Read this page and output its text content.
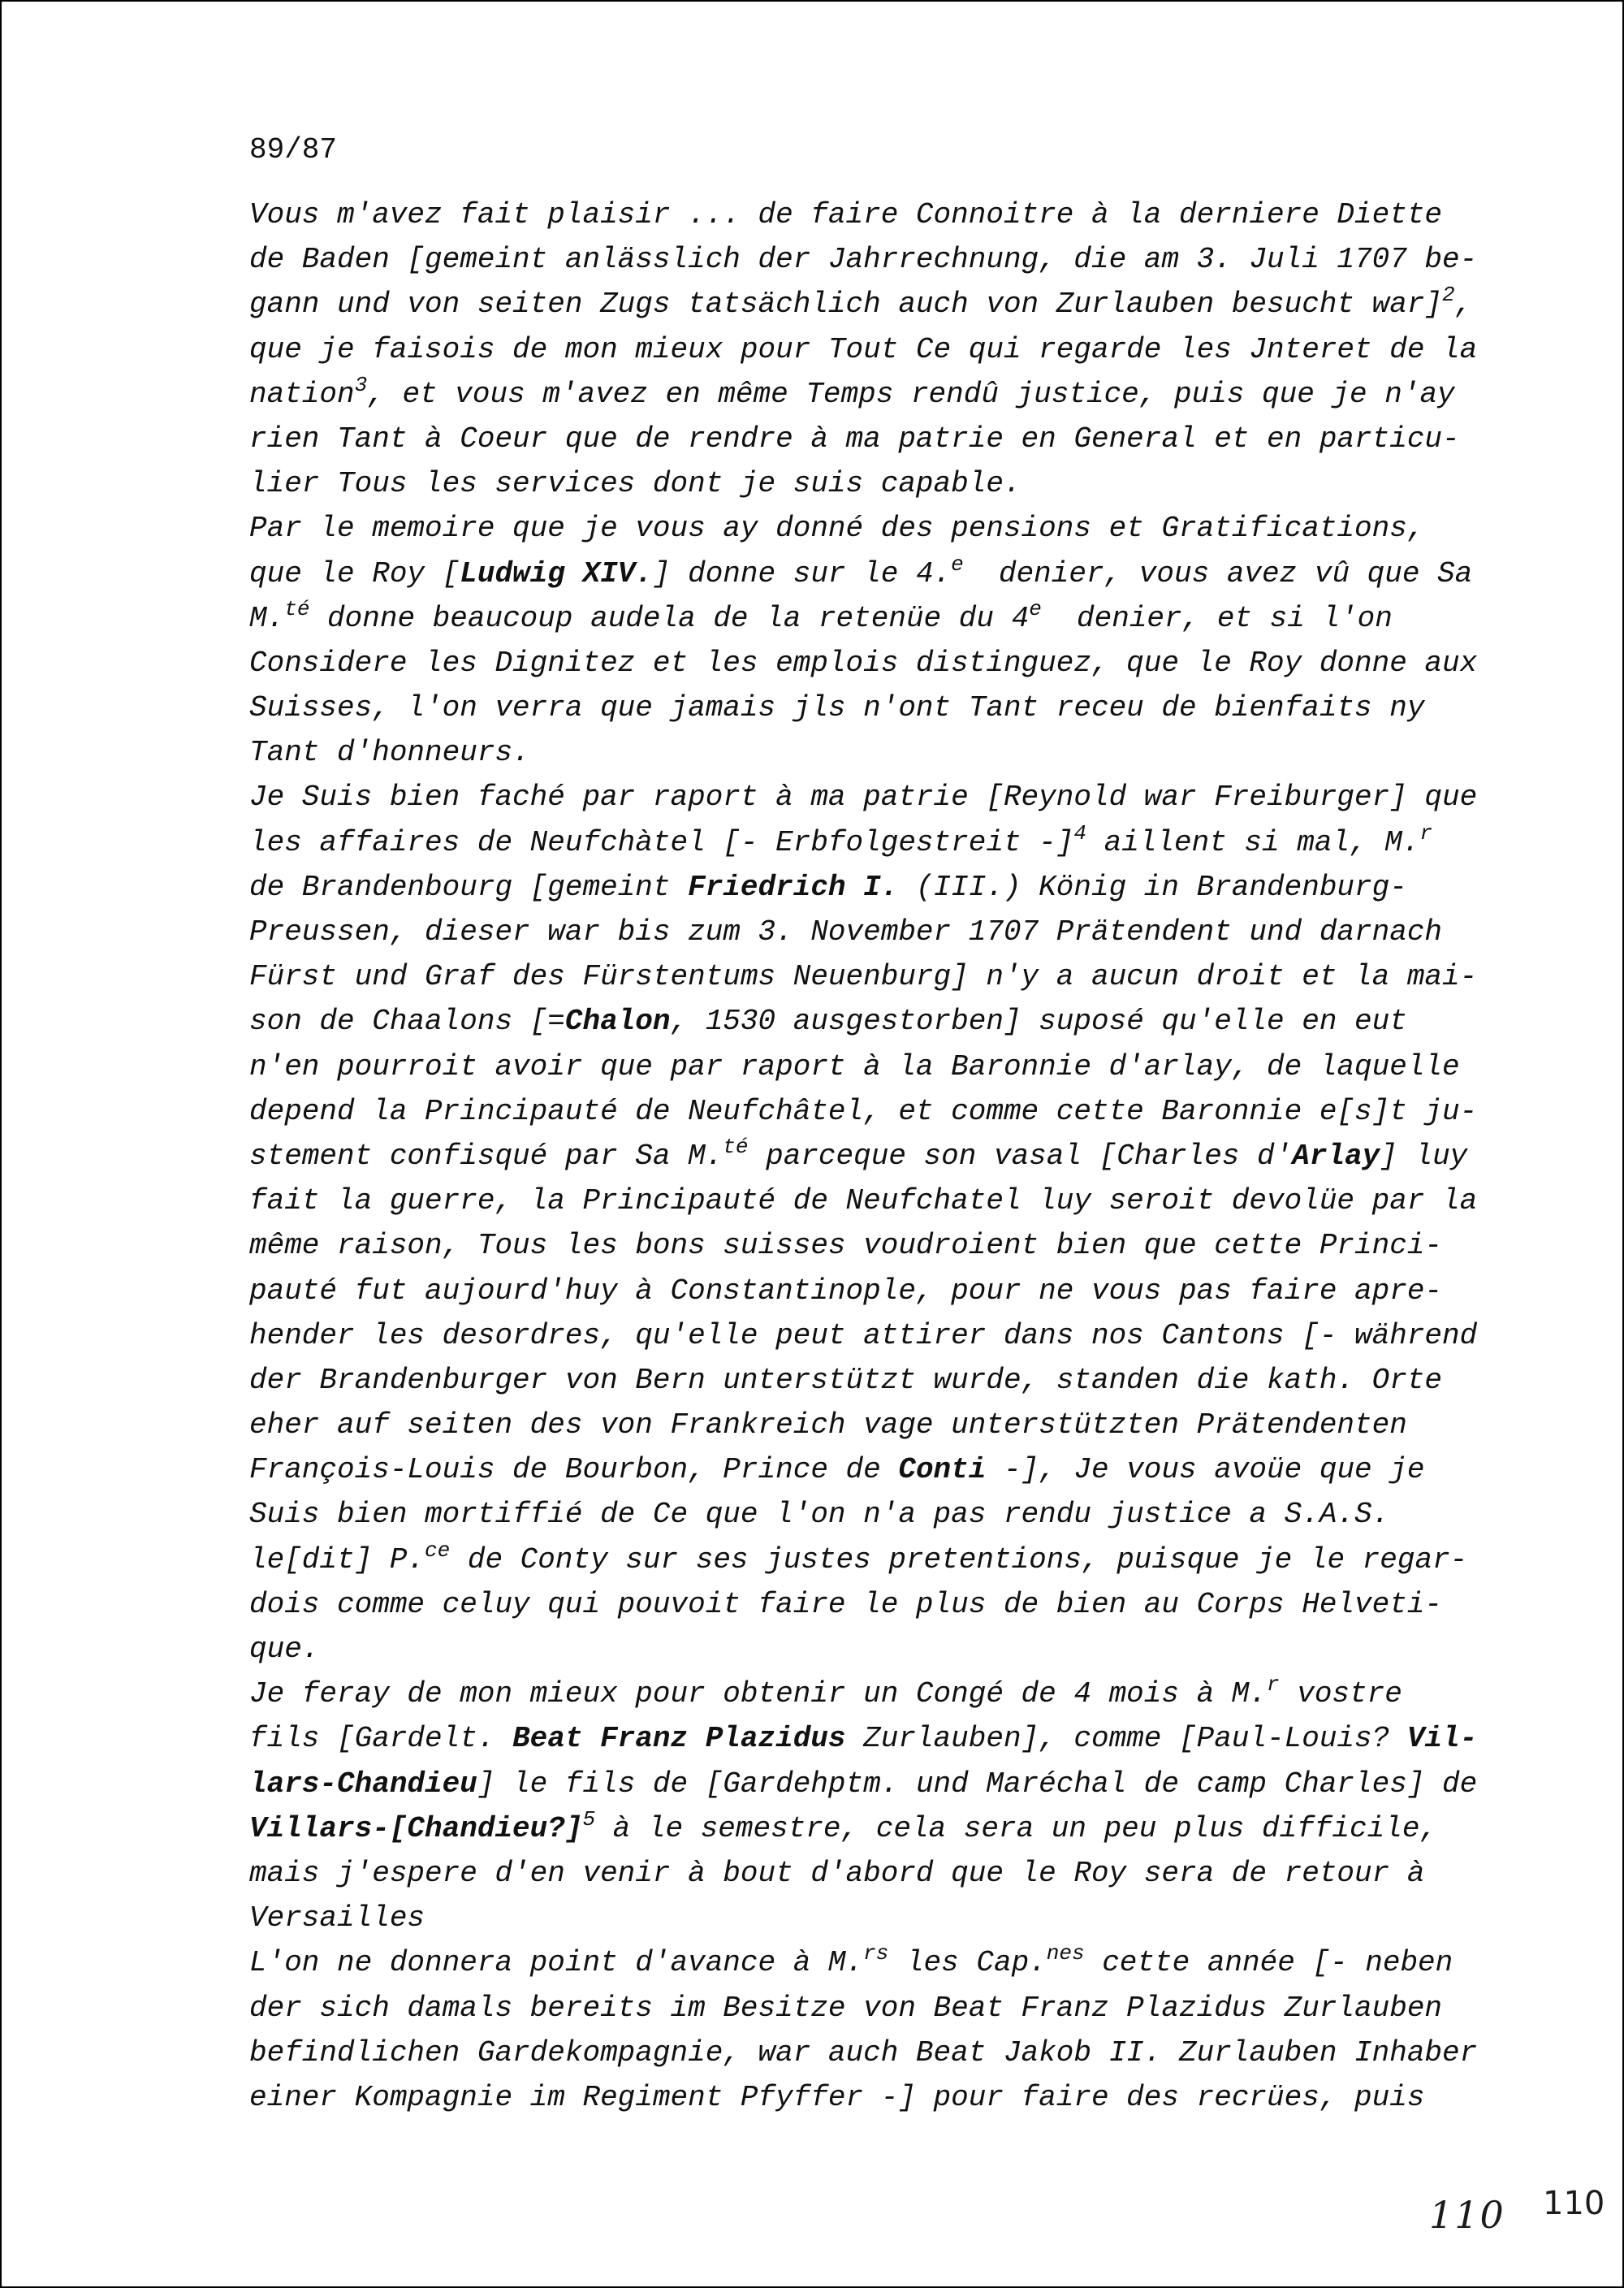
89/87
Vous m'avez fait plaisir ... de faire Connoitre à la derniere Diette
de Baden [gemeint anlässlich der Jahrrechnung, die am 3. Juli 1707 be-
gann und von seiten Zugs tatsächlich auch von Zurlauben besucht war]$^2$,
que je faisois de mon mieux pour Tout Ce qui regarde les Jnteret de la
nation$^3$, et vous m'avez en même Temps rendû justice, puis que je n'ay
rien Tant à Coeur que de rendre à ma patrie en General et en particu-
lier Tous les services dont je suis capable.
Par le memoire que je vous ay donné des pensions et Gratifications,
que le Roy [Ludwig XIV.] donne sur le 4.$^e$  denier, vous avez vû que Sa
M.$^{té}$ donne beaucoup audela de la retenüe du 4e  denier, et si l'on
Considere les Dignitez et les emplois distinguez, que le Roy donne aux
Suisses, l'on verra que jamais jls n'ont Tant receu de bienfaits ny
Tant d'honneurs.
Je Suis bien faché par raport à ma patrie [Reynold war Freiburger] que
les affaires de Neufchàtel [- Erbfolgestreit -]$^4$ aillent si mal, M.$^r$
de Brandenbourg [gemeint Friedrich I. (III.) König in Brandenburg-
Preussen, dieser war bis zum 3. November 1707 Prätendent und darnach
Fürst und Graf des Fürstentums Neuenburg] n'y a aucun droit et la mai-
son de Chaalons [=Chalon, 1530 ausgestorben] suposé qu'elle en eut
n'en pourroit avoir que par raport à la Baronnie d'arlay, de laquelle
depend la Principauté de Neufchâtel, et comme cette Baronnie e[s]t ju-
stement confisqué par Sa M.$^{té}$ parceque son vasal [Charles d'Arlay] luy
fait la guerre, la Principauté de Neufchatel luy seroit devolüe par la
même raison, Tous les bons suisses voudroient bien que cette Princi-
pauté fut aujourd'huy à Constantinople, pour ne vous pas faire apre-
hender les desordres, qu'elle peut attirer dans nos Cantons [- während
der Brandenburger von Bern unterstützt wurde, standen die kath. Orte
eher auf seiten des von Frankreich vage unterstützten Prätendenten
François-Louis de Bourbon, Prince de Conti -], Je vous avoüe que je
Suis bien mortiffié de Ce que l'on n'a pas rendu justice a S.A.S.
le[dit] P.$^{ce}$ de Conty sur ses justes pretentions, puisque je le regar-
dois comme celuy qui pouvoit faire le plus de bien au Corps Helveti-
que.
Je feray de mon mieux pour obtenir un Congé de 4 mois à M.$^r$ vostre
fils [Gardelt. Beat Franz Plazidus Zurlauben], comme [Paul-Louis? Vil-
lars-Chandieu] le fils de [Gardehptm. und Maréchal de camp Charles] de
Villars-[Chandieu?]$^5$ à le semestre, cela sera un peu plus difficile,
mais j'espere d'en venir à bout d'abord que le Roy sera de retour à
Versailles
L'on ne donnera point d'avance à M.$^{rs}$ les Cap.$^{nes}$ cette année [- neben
der sich damals bereits im Besitze von Beat Franz Plazidus Zurlauben
befindlichen Gardekompagnie, war auch Beat Jakob II. Zurlauben Inhaber
einer Kompagnie im Regiment Pfyffer -] pour faire des recrües, puis
110 110
